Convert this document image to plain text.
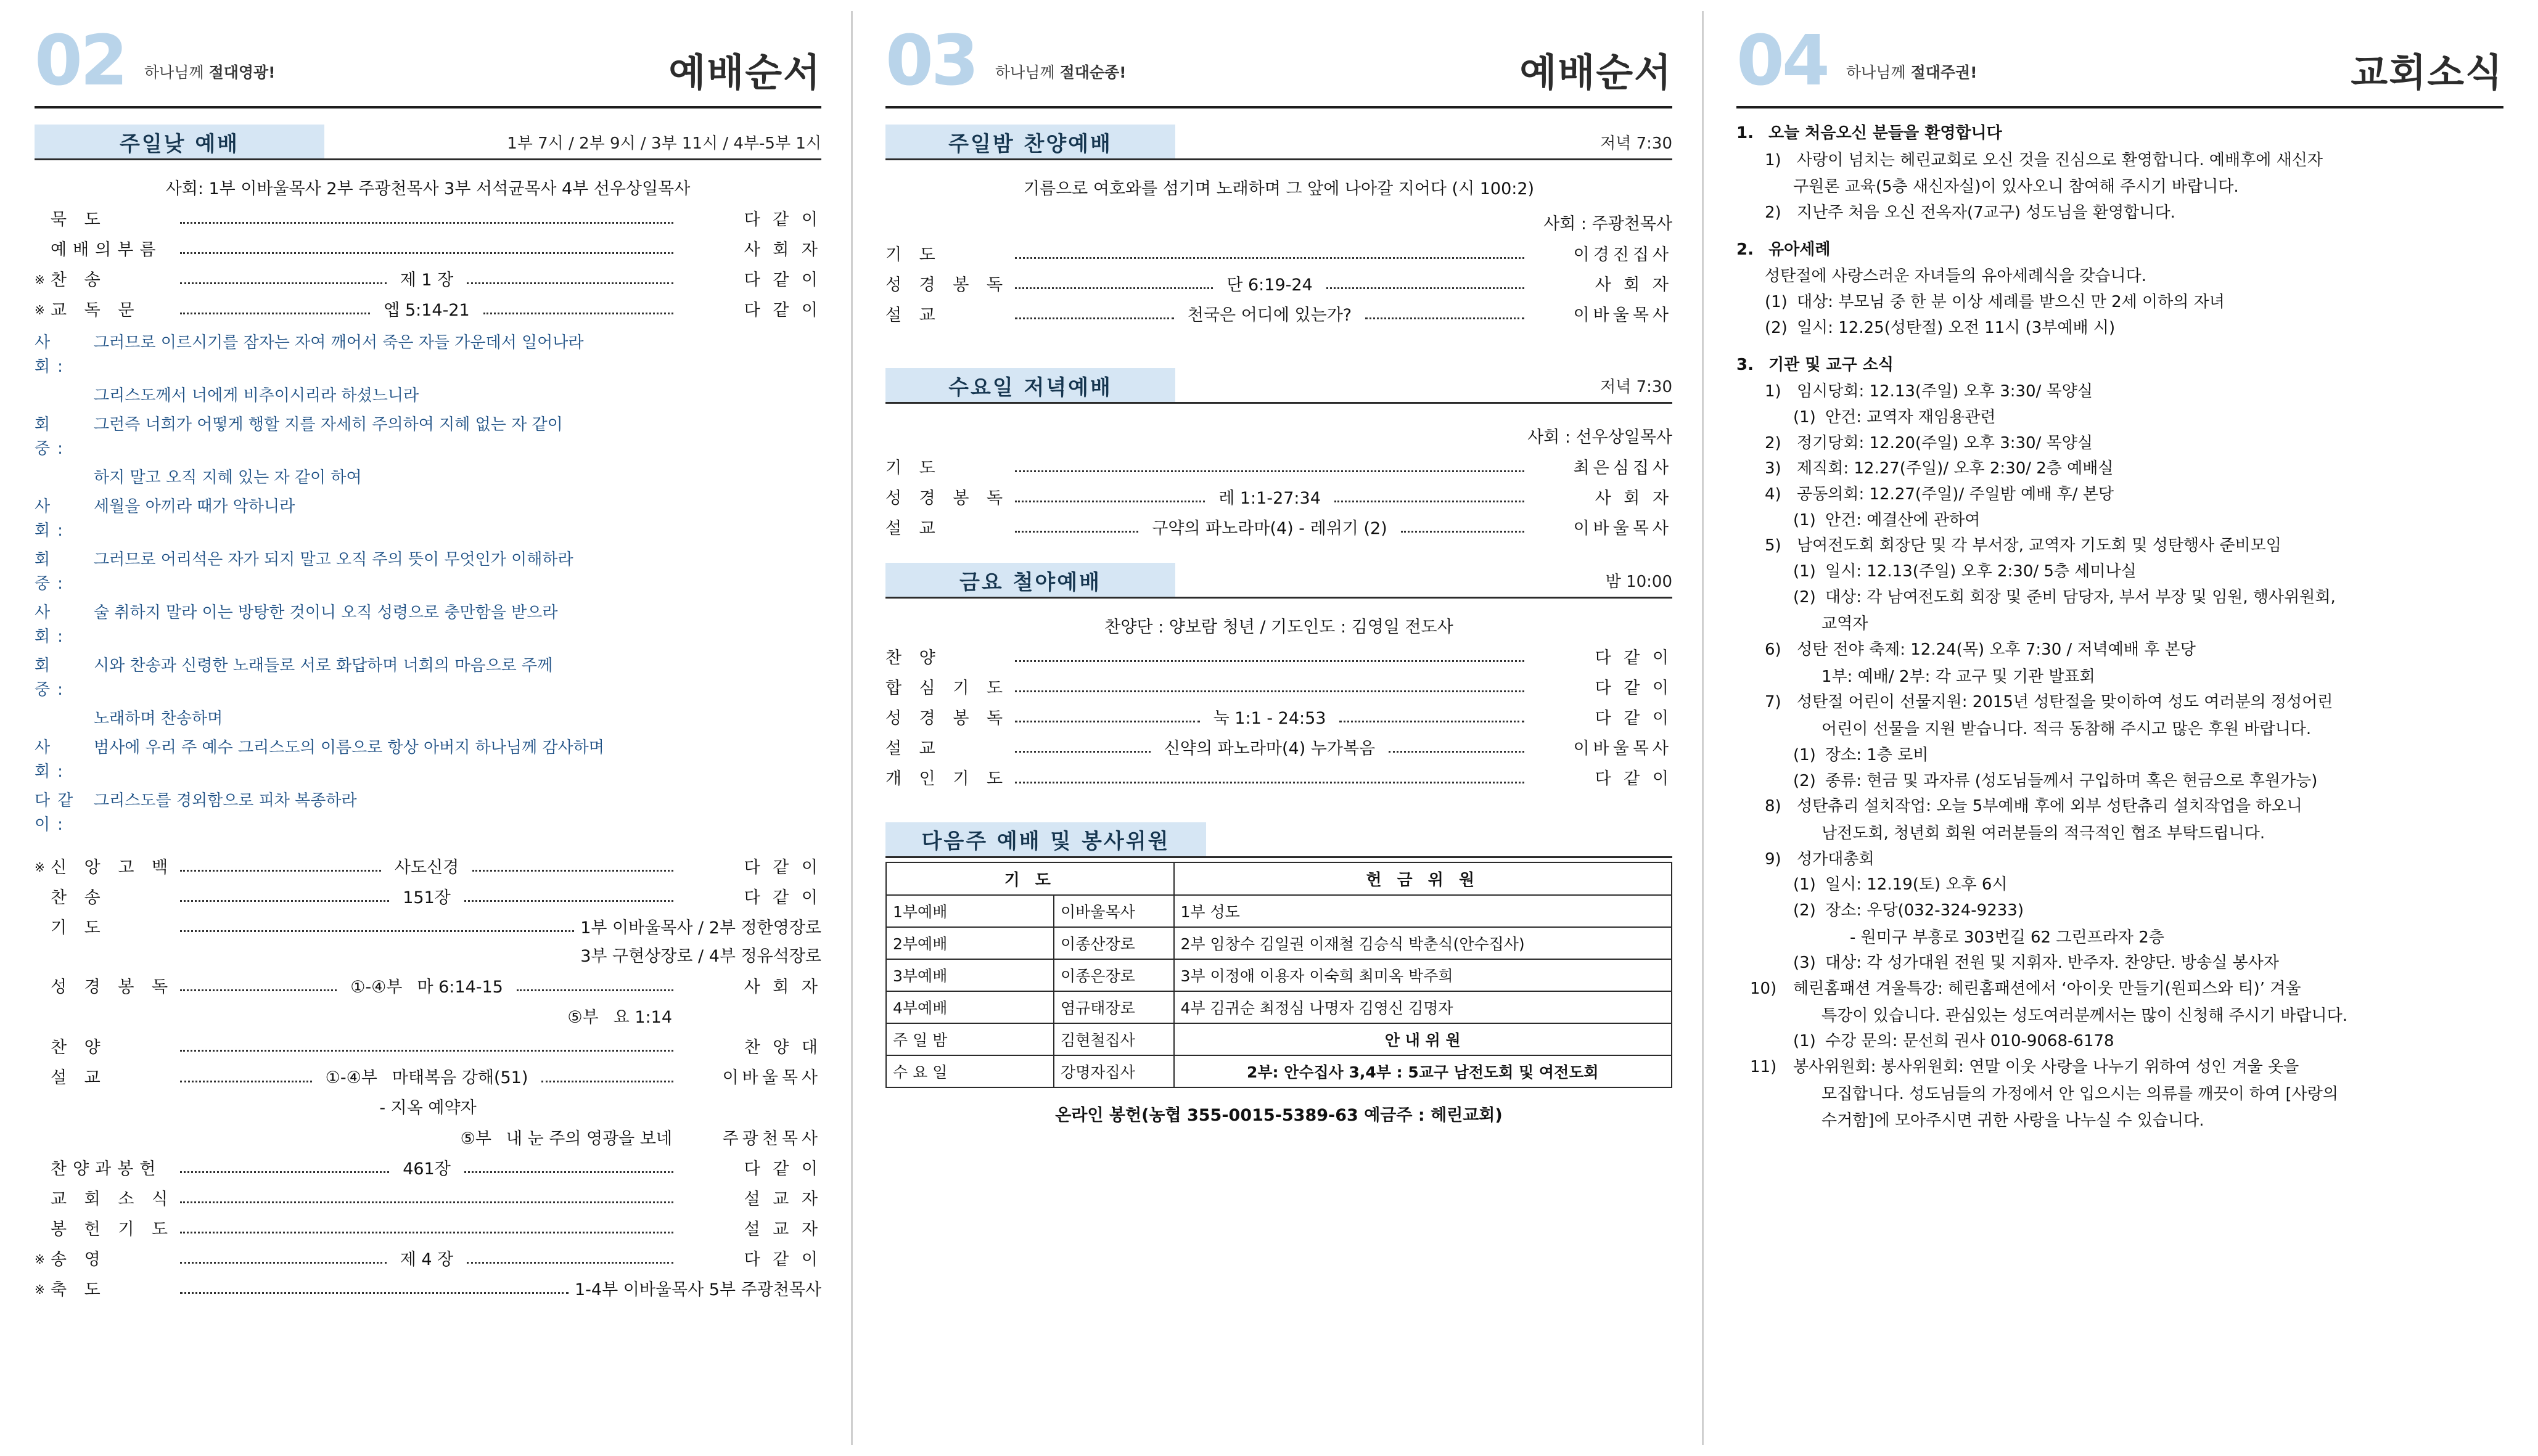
02 하나님께 절대영광!	예배순서
주일낮 예배	1부 7시 / 2부 9시 / 3부 11시 / 4부-5부 1시
사회: 1부 이바울목사 2부 주광천목사 3부 서석균목사 4부 선우상일목사
묵 도	다 같 이
예배의부름	사 회 자
※ 찬 송	제 1 장	다 같 이
※ 교 독 문	엡 5:14-21	다 같 이
사 회:
그러므로 이르시기를 잠자는 자여 깨어서 죽은 자들 가운데서 일어나라
그리스도께서 너에게 비추이시리라 하셨느니라
회 중:
그런즉 너희가 어떻게 행할 지를 자세히 주의하여 지혜 없는 자 같이
하지 말고 오직 지혜 있는 자 같이 하여
사 회:
세월을 아끼라 때가 악하니라
회 중:
그러므로 어리석은 자가 되지 말고 오직 주의 뜻이 무엇인가 이해하라
사 회:
술 취하지 말라 이는 방탕한 것이니 오직 성령으로 충만함을 받으라
회 중:
시와 찬송과 신령한 노래들로 서로 화답하며 너희의 마음으로 주께
노래하며 찬송하며
사 회:
범사에 우리 주 예수 그리스도의 이름으로 항상 아버지 하나님께 감사하며
다같이:
그리스도를 경외함으로 피차 복종하라
※ 신 앙 고 백	사도신경	다 같 이
찬 송	151장	다 같 이
기 도	1부 이바울목사 / 2부 정한영장로
3부 구현상장로 / 4부 정유석장로
성 경 봉 독	①-④부 마 6:14-15	사 회 자
⑤부 요 1:14
찬 양	찬 양 대
설 교	①-④부 마태복음 강해(51)	이바울목사
- 지옥 예약자
⑤부 내 눈 주의 영광을 보네	주광천목사
찬양과봉헌	461장	다 같 이
교 회 소 식	설 교 자
봉 헌 기 도	설 교 자
※ 송 영	제 4 장	다 같 이
※ 축 도	1-4부 이바울목사 5부 주광천목사
03 하나님께 절대순종!	예배순서
주일밤 찬양예배	저녁 7:30
기름으로 여호와를 섬기며 노래하며 그 앞에 나아갈 지어다 (시 100:2)
사회 : 주광천목사
기 도	이경진집사
성 경 봉 독	단 6:19-24	사 회 자
설 교	천국은 어디에 있는가?	이바울목사
수요일 저녁예배	저녁 7:30
사회 : 선우상일목사
기 도	최은심집사
성 경 봉 독	레 1:1-27:34	사 회 자
설 교	구약의 파노라마(4) - 레위기 (2)	이바울목사
금요 철야예배	밤 10:00
찬양단 : 양보람 청년 / 기도인도 : 김영일 전도사
찬 양	다 같 이
합 심 기 도	다 같 이
성 경 봉 독	눅 1:1 - 24:53	다 같 이
설 교	신약의 파노라마(4) 누가복음	이바울목사
개 인 기 도	다 같 이
다음주 예배 및 봉사위원
기 도		헌 금 위 원
1부예배	이바울목사	1부 성도
2부예배	이종산장로	2부 임창수 김일권 이재철 김승식 박춘식(안수집사)
3부예배	이종은장로	3부 이정애 이용자 이숙희 최미옥 박주희
4부예배	염규태장로	4부 김귀순 최정심 나명자 김영신 김명자
주 일 밤	김현철집사	안 내 위 원
수 요 일	강명자집사	2부: 안수집사 3,4부 : 5교구 남전도회 및 여전도회
온라인 봉헌(농협 355-0015-5389-63 예금주 : 헤린교회)
04 하나님께 절대주권!	교회소식
1. 오늘 처음오신 분들을 환영합니다
1) 사랑이 넘치는 헤린교회로 오신 것을 진심으로 환영합니다. 예배후에 새신자
구원론 교육(5층 새신자실)이 있사오니 참여해 주시기 바랍니다.
2) 지난주 처음 오신 전옥자(7교구) 성도님을 환영합니다.
2. 유아세례
성탄절에 사랑스러운 자녀들의 유아세례식을 갖습니다.
(1) 대상: 부모님 중 한 분 이상 세례를 받으신 만 2세 이하의 자녀
(2) 일시: 12.25(성탄절) 오전 11시 (3부예배 시)
3. 기관 및 교구 소식
1) 임시당회: 12.13(주일) 오후 3:30/ 목양실
(1) 안건: 교역자 재임용관련
2) 정기당회: 12.20(주일) 오후 3:30/ 목양실
3) 제직회: 12.27(주일)/ 오후 2:30/ 2층 예배실
4) 공동의회: 12.27(주일)/ 주일밤 예배 후/ 본당
(1) 안건: 예결산에 관하여
5) 남여전도회 회장단 및 각 부서장, 교역자 기도회 및 성탄행사 준비모임
(1) 일시: 12.13(주일) 오후 2:30/ 5층 세미나실
(2) 대상: 각 남여전도회 회장 및 준비 담당자, 부서 부장 및 임원, 행사위원회,
교역자
6) 성탄 전야 축제: 12.24(목) 오후 7:30 / 저녁예배 후 본당
1부: 예배/ 2부: 각 교구 및 기관 발표회
7) 성탄절 어린이 선물지원: 2015년 성탄절을 맞이하여 성도 여러분의 정성어린
어린이 선물을 지원 받습니다. 적극 동참해 주시고 많은 후원 바랍니다.
(1) 장소: 1층 로비
(2) 종류: 현금 및 과자류 (성도님들께서 구입하며 혹은 현금으로 후원가능)
8) 성탄츄리 설치작업: 오늘 5부예배 후에 외부 성탄츄리 설치작업을 하오니
남전도회, 청년회 회원 여러분들의 적극적인 협조 부탁드립니다.
9) 성가대총회
(1) 일시: 12.19(토) 오후 6시
(2) 장소: 우당(032-324-9233)
- 원미구 부흥로 303번길 62 그린프라자 2층
(3) 대상: 각 성가대원 전원 및 지휘자. 반주자. 찬양단. 방송실 봉사자
10)	헤린홈패션 겨울특강: 헤린홈패션에서 ‘아이웃 만들기(원피스와 티)’ 겨울
특강이 있습니다. 관심있는 성도여러분께서는 많이 신청해 주시기 바랍니다.
(1) 수강 문의: 문선희 권사 010-9068-6178
11)	봉사위원회: 봉사위원회: 연말 이웃 사랑을 나누기 위하여 성인 겨울 옷을
모집합니다. 성도님들의 가정에서 안 입으시는 의류를 깨끗이 하여 [사랑의
수거함]에 모아주시면 귀한 사랑을 나누실 수 있습니다.
